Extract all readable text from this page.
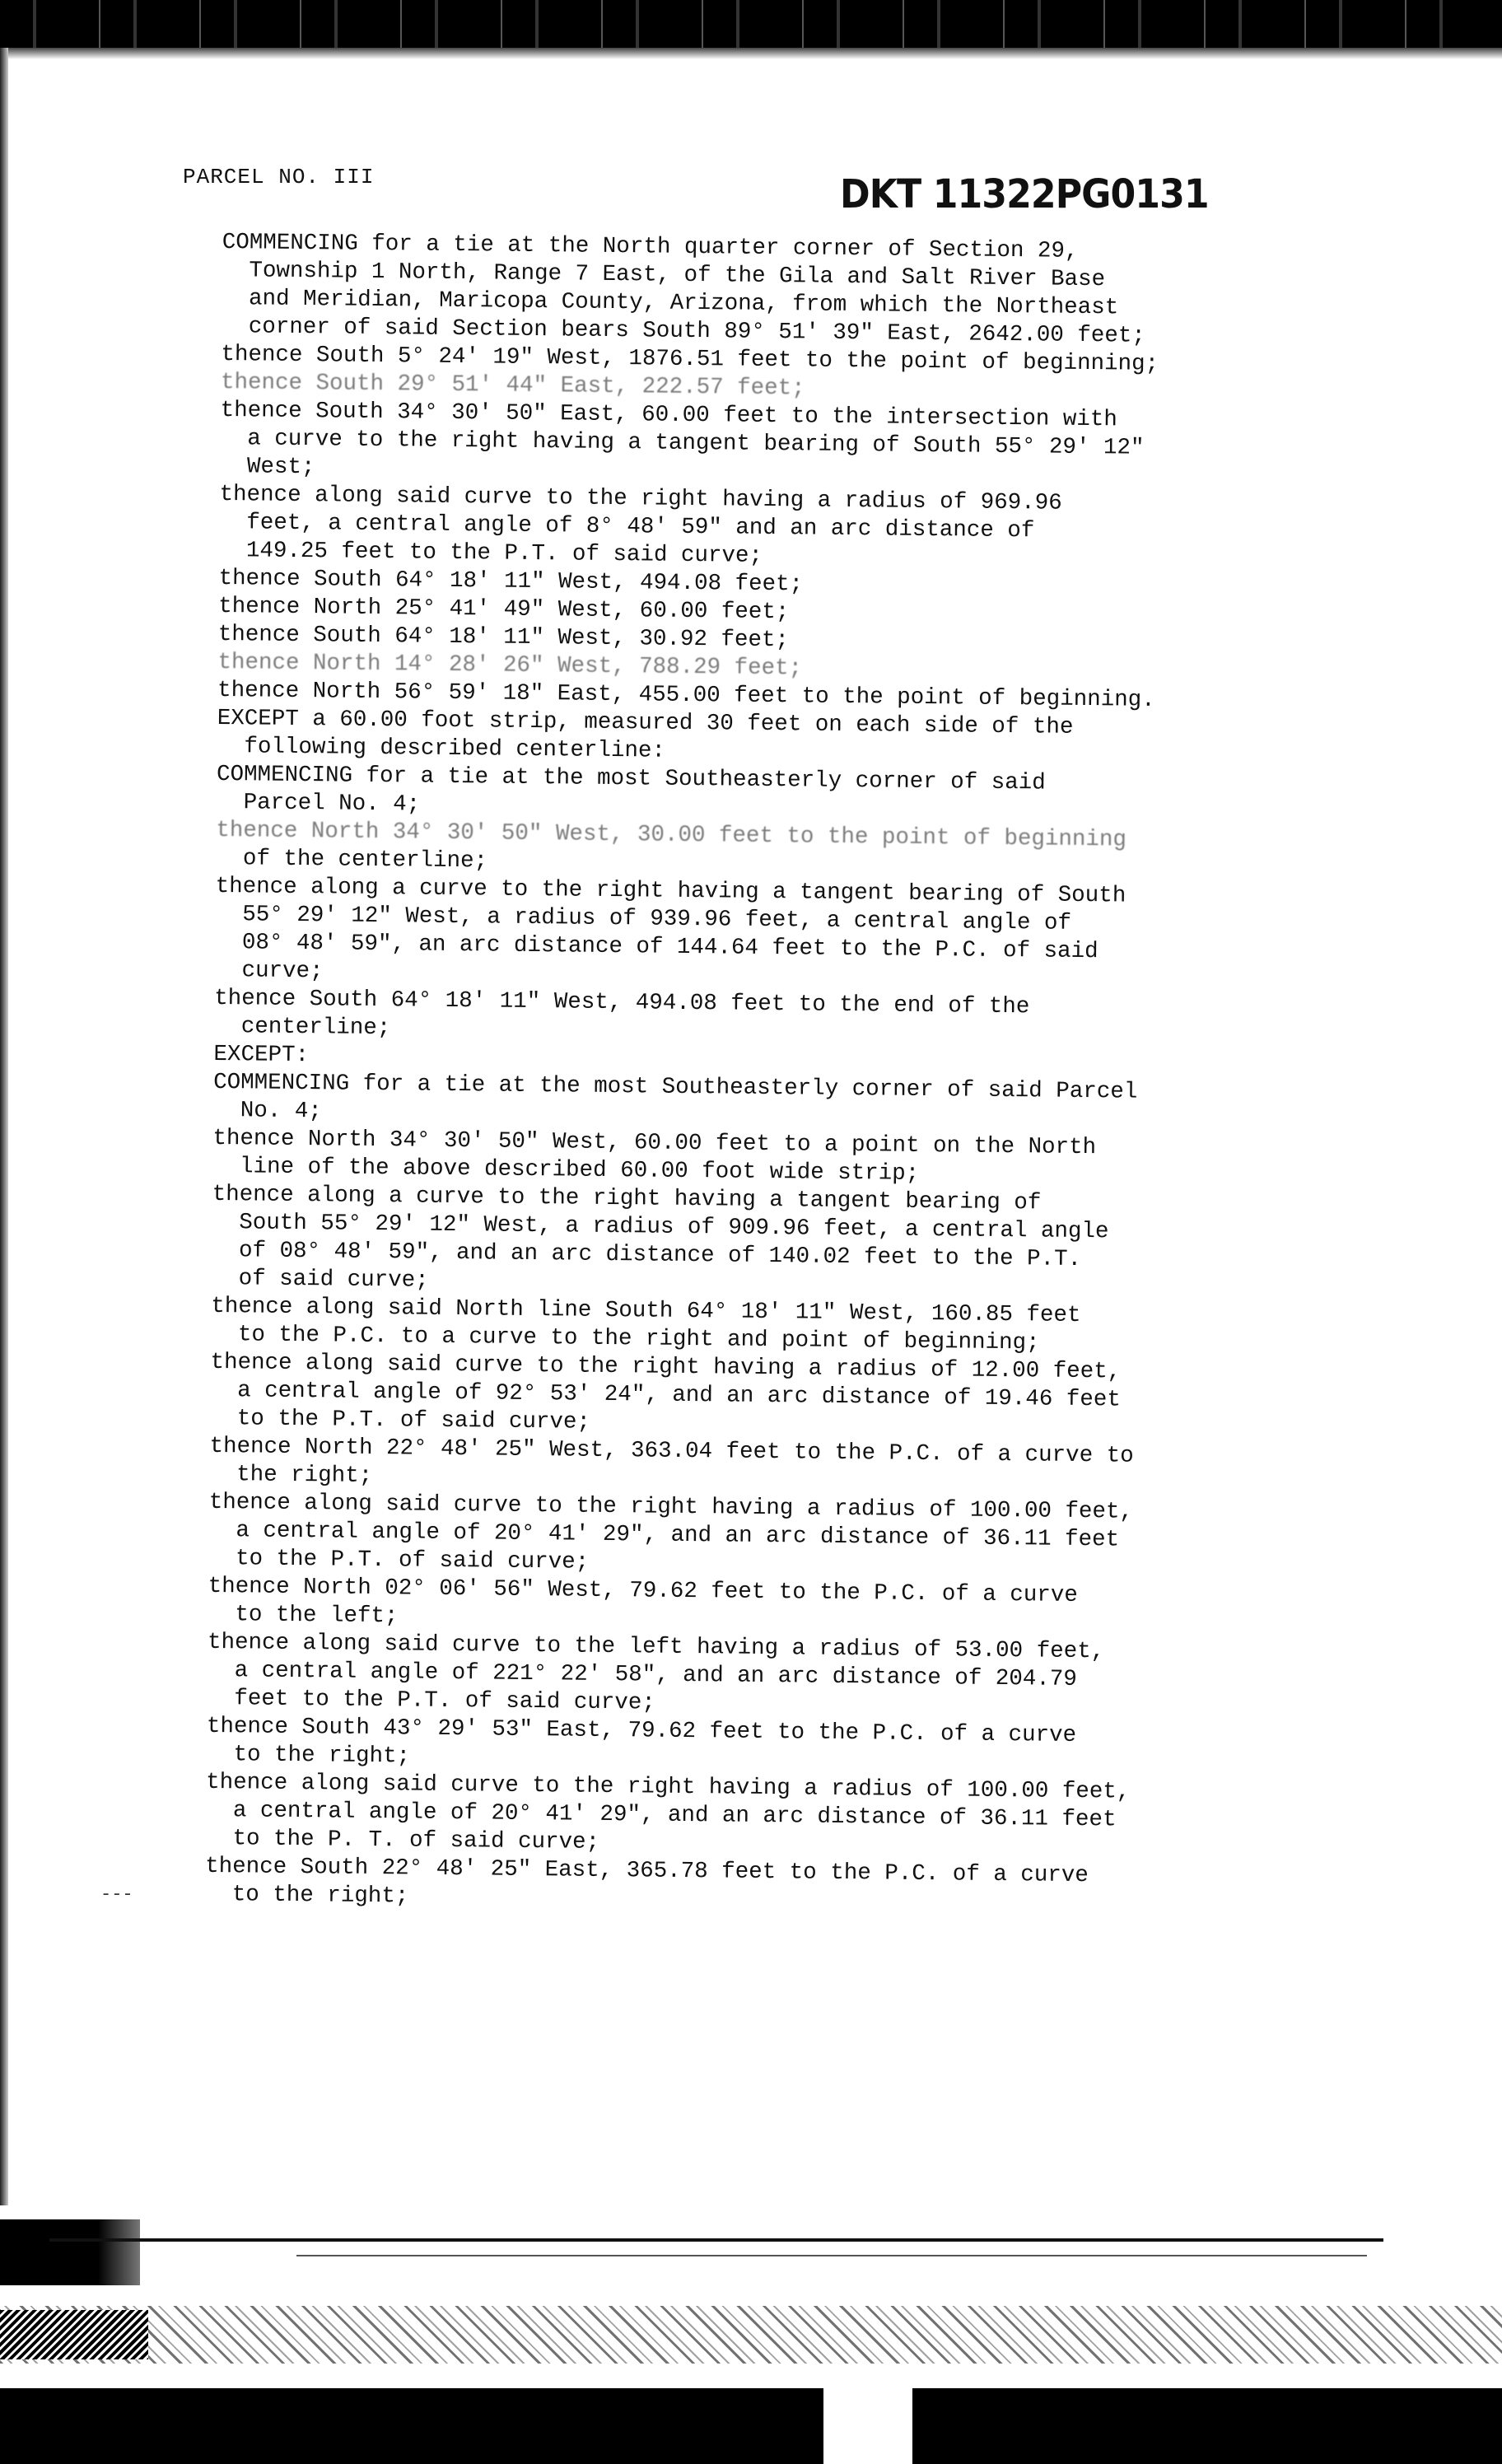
PARCEL NO. III	DKT 11322PG0131
COMMENCING for a tie at the North quarter corner of Section 29,
Township 1 North, Range 7 East, of the Gila and Salt River Base
and Meridian, Maricopa County, Arizona, from which the Northeast
corner of said Section bears South 89° 51' 39" East, 2642.00 feet;
thence South 5° 24' 19" West, 1876.51 feet to the point of beginning;
thence South 29° 51' 44" East, 222.57 feet;
thence South 34° 30' 50" East, 60.00 feet to the intersection with
a curve to the right having a tangent bearing of South 55° 29' 12"
West;
thence along said curve to the right having a radius of 969.96
feet, a central angle of 8° 48' 59" and an arc distance of
149.25 feet to the P.T. of said curve;
thence South 64° 18' 11" West, 494.08 feet;
thence North 25° 41' 49" West, 60.00 feet;
thence South 64° 18' 11" West, 30.92 feet;
thence North 14° 28' 26" West, 788.29 feet;
thence North 56° 59' 18" East, 455.00 feet to the point of beginning.
EXCEPT a 60.00 foot strip, measured 30 feet on each side of the
following described centerline:
COMMENCING for a tie at the most Southeasterly corner of said
Parcel No. 4;
thence North 34° 30' 50" West, 30.00 feet to the point of beginning
of the centerline;
thence along a curve to the right having a tangent bearing of South
55° 29' 12" West, a radius of 939.96 feet, a central angle of
08° 48' 59", an arc distance of 144.64 feet to the P.C. of said
curve;
thence South 64° 18' 11" West, 494.08 feet to the end of the
centerline;
EXCEPT:
COMMENCING for a tie at the most Southeasterly corner of said Parcel
No. 4;
thence North 34° 30' 50" West, 60.00 feet to a point on the North
line of the above described 60.00 foot wide strip;
thence along a curve to the right having a tangent bearing of
South 55° 29' 12" West, a radius of 909.96 feet, a central angle
of 08° 48' 59", and an arc distance of 140.02 feet to the P.T.
of said curve;
thence along said North line South 64° 18' 11" West, 160.85 feet
to the P.C. to a curve to the right and point of beginning;
thence along said curve to the right having a radius of 12.00 feet,
a central angle of 92° 53' 24", and an arc distance of 19.46 feet
to the P.T. of said curve;
thence North 22° 48' 25" West, 363.04 feet to the P.C. of a curve to
the right;
thence along said curve to the right having a radius of 100.00 feet,
a central angle of 20° 41' 29", and an arc distance of 36.11 feet
to the P.T. of said curve;
thence North 02° 06' 56" West, 79.62 feet to the P.C. of a curve
to the left;
thence along said curve to the left having a radius of 53.00 feet,
a central angle of 221° 22' 58", and an arc distance of 204.79
feet to the P.T. of said curve;
thence South 43° 29' 53" East, 79.62 feet to the P.C. of a curve
to the right;
thence along said curve to the right having a radius of 100.00 feet,
a central angle of 20° 41' 29", and an arc distance of 36.11 feet
to the P. T. of said curve;
thence South 22° 48' 25" East, 365.78 feet to the P.C. of a curve
to the right;
---
